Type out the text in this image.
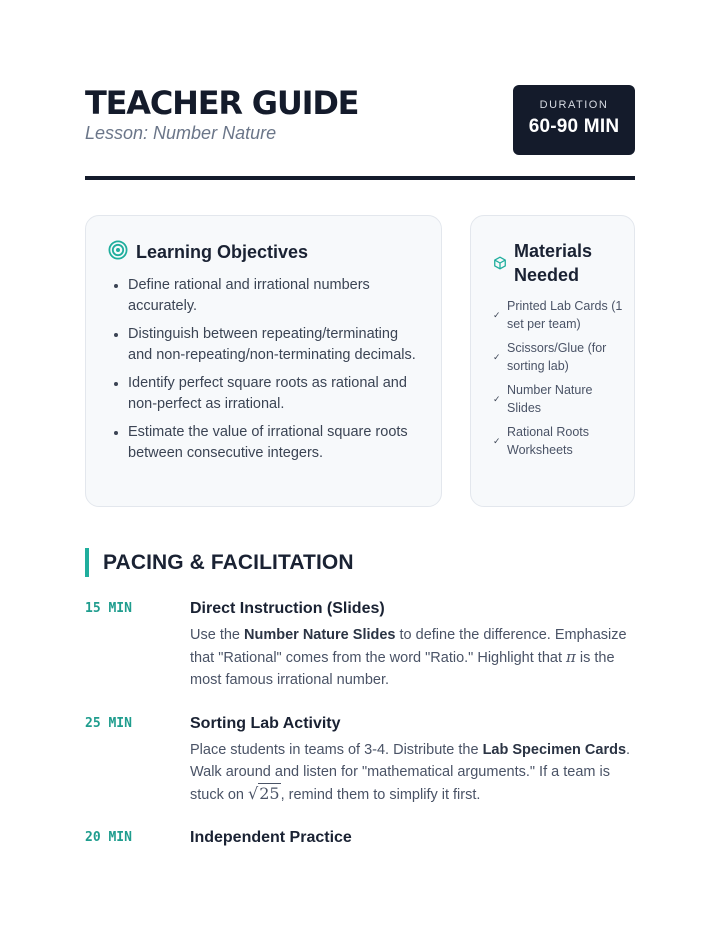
TEACHER GUIDE
Lesson: Number Nature
DURATION
60-90 MIN
Learning Objectives
Define rational and irrational numbers accurately.
Distinguish between repeating/terminating and non-repeating/non-terminating decimals.
Identify perfect square roots as rational and non-perfect as irrational.
Estimate the value of irrational square roots between consecutive integers.
Materials Needed
✓
Printed Lab Cards (1 set per team)
✓
Scissors/Glue (for sorting lab)
✓
Number Nature Slides
✓
Rational Roots Worksheets
PACING & FACILITATION
15 MIN	Direct Instruction (Slides)

Use the Number Nature Slides to define the difference. Emphasize that "Rational" comes from the word "Ratio." Highlight that π is the most famous irrational number.

25 MIN	Sorting Lab Activity

Place students in teams of 3-4. Distribute the Lab Specimen Cards. Walk around and listen for "mathematical arguments." If a team is stuck on √25, remind them to simplify it first.

20 MIN	Independent Practice
